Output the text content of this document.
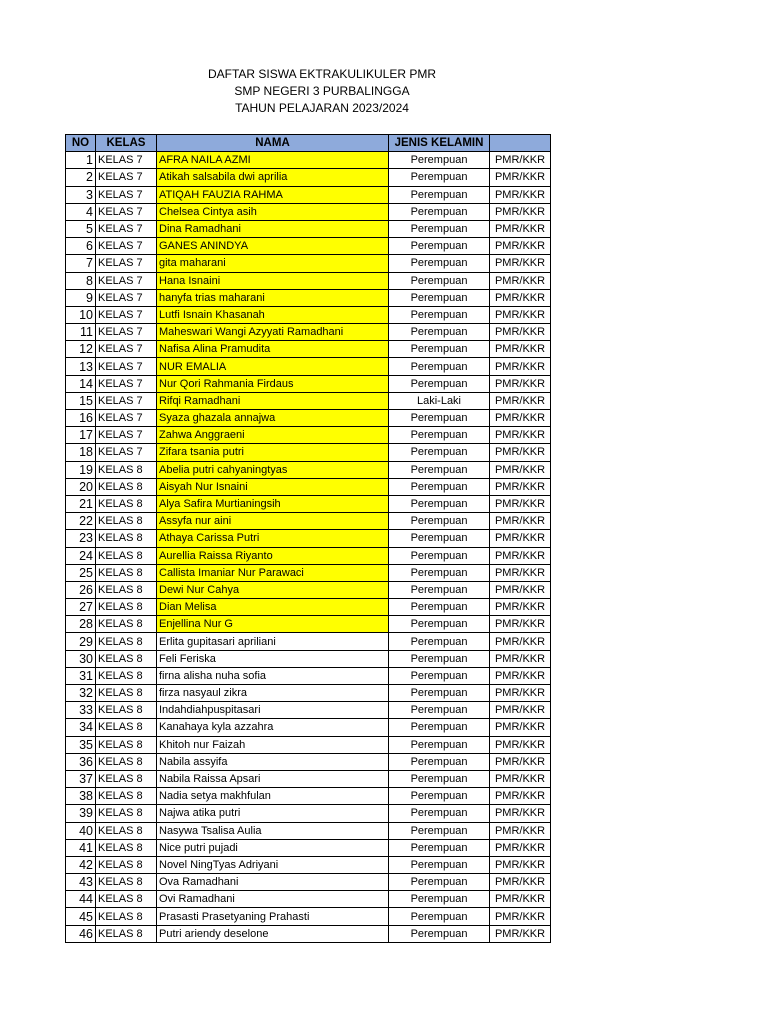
DAFTAR SISWA EKTRAKULIKULER PMR
SMP NEGERI 3 PURBALINGGA
TAHUN PELAJARAN 2023/2024
NO	KELAS	NAMA	JENIS KELAMIN	
1	KELAS 7	AFRA NAILA AZMI	Perempuan	PMR/KKR
2	KELAS 7	Atikah salsabila dwi aprilia	Perempuan	PMR/KKR
3	KELAS 7	ATIQAH FAUZIA RAHMA	Perempuan	PMR/KKR
4	KELAS 7	Chelsea Cintya asih	Perempuan	PMR/KKR
5	KELAS 7	Dina Ramadhani	Perempuan	PMR/KKR
6	KELAS 7	GANES ANINDYA	Perempuan	PMR/KKR
7	KELAS 7	gita maharani	Perempuan	PMR/KKR
8	KELAS 7	Hana Isnaini	Perempuan	PMR/KKR
9	KELAS 7	hanyfa trias maharani	Perempuan	PMR/KKR
10	KELAS 7	Lutfi Isnain Khasanah	Perempuan	PMR/KKR
11	KELAS 7	Maheswari Wangi Azyyati Ramadhani	Perempuan	PMR/KKR
12	KELAS 7	Nafisa Alina Pramudita	Perempuan	PMR/KKR
13	KELAS 7	NUR EMALIA	Perempuan	PMR/KKR
14	KELAS 7	Nur Qori Rahmania Firdaus	Perempuan	PMR/KKR
15	KELAS 7	Rifqi Ramadhani	Laki-Laki	PMR/KKR
16	KELAS 7	Syaza ghazala annajwa	Perempuan	PMR/KKR
17	KELAS 7	Zahwa Anggraeni	Perempuan	PMR/KKR
18	KELAS 7	Zifara tsania putri	Perempuan	PMR/KKR
19	KELAS 8	Abelia putri cahyaningtyas	Perempuan	PMR/KKR
20	KELAS 8	Aisyah Nur Isnaini	Perempuan	PMR/KKR
21	KELAS 8	Alya Safira Murtianingsih	Perempuan	PMR/KKR
22	KELAS 8	Assyfa nur aini	Perempuan	PMR/KKR
23	KELAS 8	Athaya Carissa Putri	Perempuan	PMR/KKR
24	KELAS 8	Aurellia Raissa Riyanto	Perempuan	PMR/KKR
25	KELAS 8	Callista Imaniar Nur Parawaci	Perempuan	PMR/KKR
26	KELAS 8	Dewi Nur Cahya	Perempuan	PMR/KKR
27	KELAS 8	Dian Melisa	Perempuan	PMR/KKR
28	KELAS 8	Enjellina Nur G	Perempuan	PMR/KKR
29	KELAS 8	Erlita gupitasari apriliani	Perempuan	PMR/KKR
30	KELAS 8	Feli Feriska	Perempuan	PMR/KKR
31	KELAS 8	firna alisha nuha sofia	Perempuan	PMR/KKR
32	KELAS 8	firza nasyaul zikra	Perempuan	PMR/KKR
33	KELAS 8	Indahdiahpuspitasari	Perempuan	PMR/KKR
34	KELAS 8	Kanahaya kyla azzahra	Perempuan	PMR/KKR
35	KELAS 8	Khitoh nur Faizah	Perempuan	PMR/KKR
36	KELAS 8	Nabila assyifa	Perempuan	PMR/KKR
37	KELAS 8	Nabila Raissa Apsari	Perempuan	PMR/KKR
38	KELAS 8	Nadia setya makhfulan	Perempuan	PMR/KKR
39	KELAS 8	Najwa atika putri	Perempuan	PMR/KKR
40	KELAS 8	Nasywa Tsalisa Aulia	Perempuan	PMR/KKR
41	KELAS 8	Nice putri pujadi	Perempuan	PMR/KKR
42	KELAS 8	Novel NingTyas Adriyani	Perempuan	PMR/KKR
43	KELAS 8	Ova Ramadhani	Perempuan	PMR/KKR
44	KELAS 8	Ovi Ramadhani	Perempuan	PMR/KKR
45	KELAS 8	Prasasti Prasetyaning Prahasti	Perempuan	PMR/KKR
46	KELAS 8	Putri ariendy deselone	Perempuan	PMR/KKR
